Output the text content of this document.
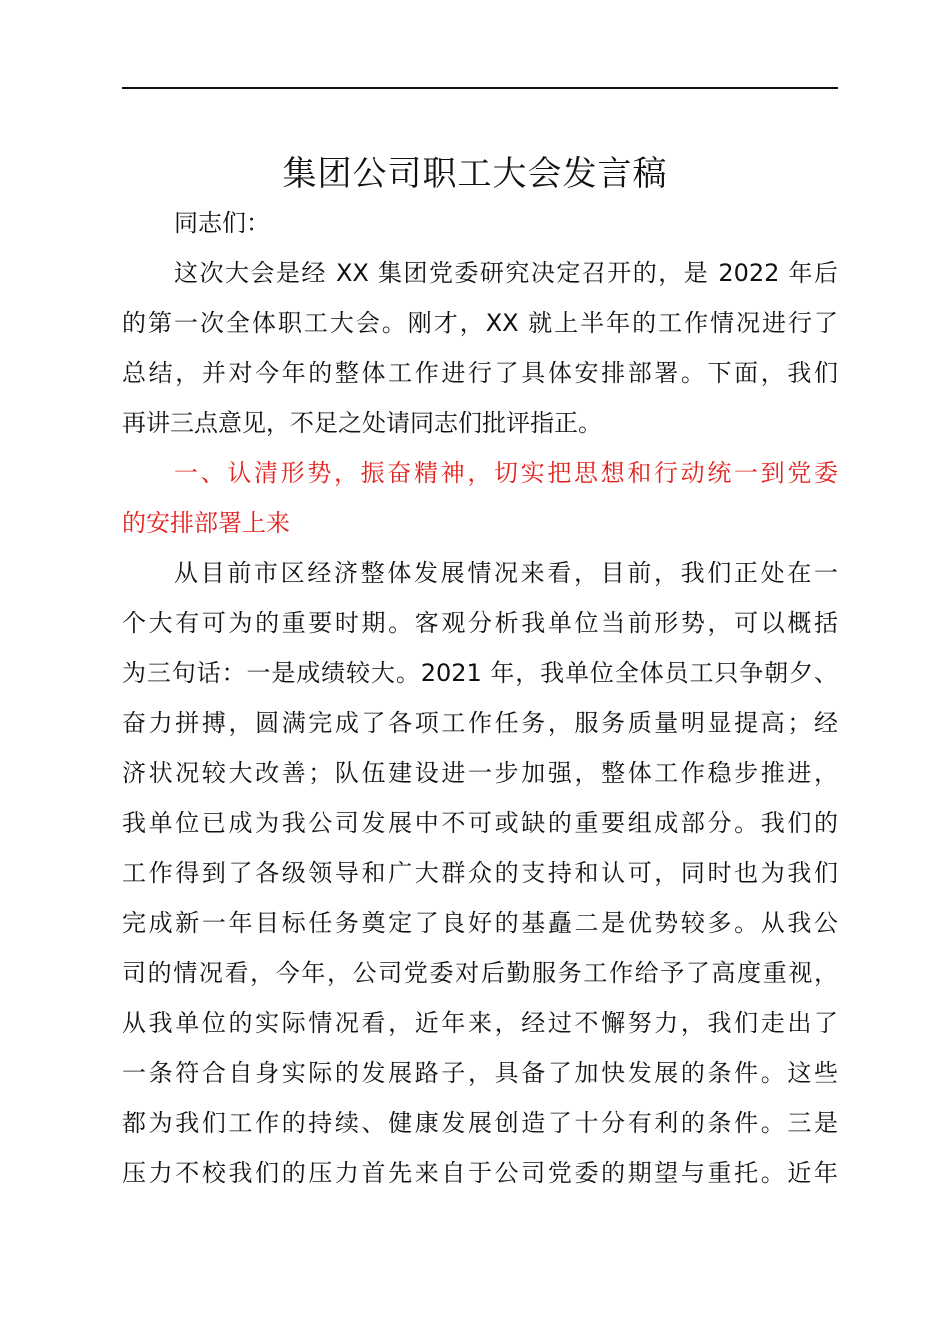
集团公司职工大会发言稿
同志们：
这次大会是经 XX 集团党委研究决定召开的，是 2022 年后
的第一次全体职工大会。刚才，XX 就上半年的工作情况进行了
总结，并对今年的整体工作进行了具体安排部署。下面，我们
再讲三点意见，不足之处请同志们批评指正。
一、认清形势，振奋精神，切实把思想和行动统一到党委
的安排部署上来
从目前市区经济整体发展情况来看，目前，我们正处在一
个大有可为的重要时期。客观分析我单位当前形势，可以概括
为三句话：一是成绩较大。2021 年，我单位全体员工只争朝夕、
奋力拼搏，圆满完成了各项工作任务，服务质量明显提高；经
济状况较大改善；队伍建设进一步加强，整体工作稳步推进，
我单位已成为我公司发展中不可或缺的重要组成部分。我们的
工作得到了各级领导和广大群众的支持和认可，同时也为我们
完成新一年目标任务奠定了良好的基矗二是优势较多。从我公
司的情况看，今年，公司党委对后勤服务工作给予了高度重视，
从我单位的实际情况看，近年来，经过不懈努力，我们走出了
一条符合自身实际的发展路子，具备了加快发展的条件。这些
都为我们工作的持续、健康发展创造了十分有利的条件。三是
压力不校我们的压力首先来自于公司党委的期望与重托。近年
